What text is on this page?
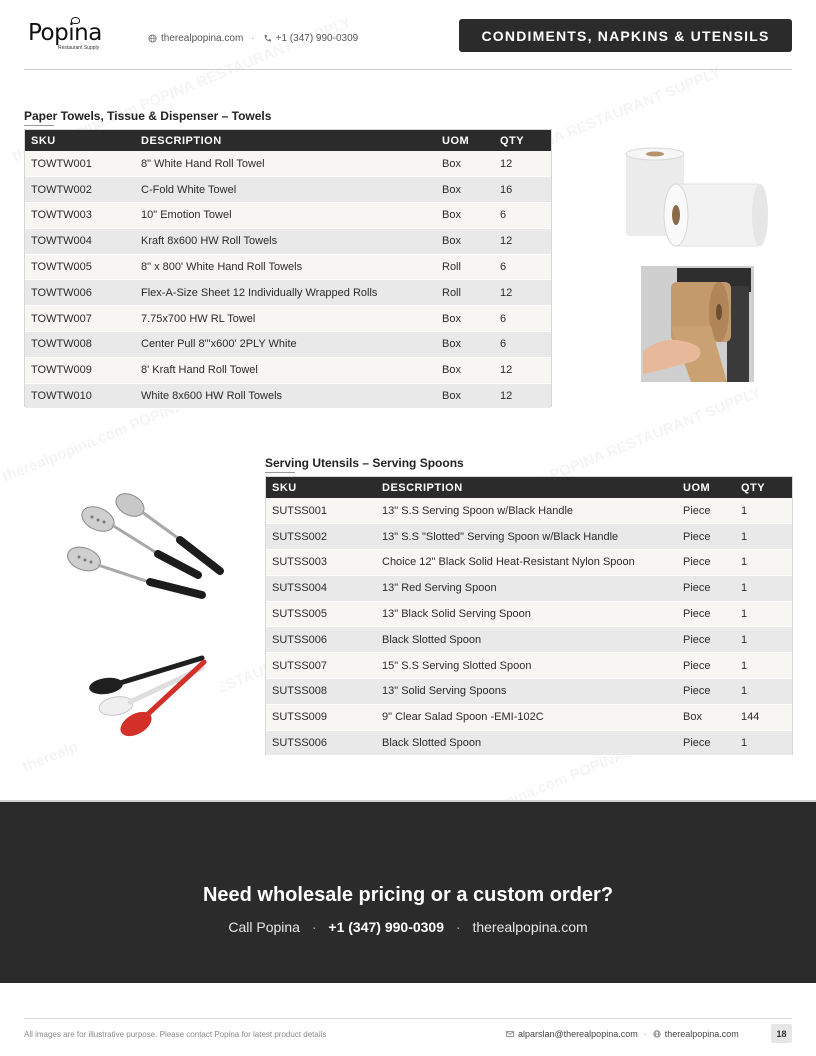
Popina
Restaurant Supply
therealpopina.com · +1 (347) 990-0309	CONDIMENTS, NAPKINS & UTENSILS
Paper Towels, Tissue & Dispenser – Towels
SKU	DESCRIPTION	UOM	QTY
TOWTW001	8" White Hand Roll Towel	Box	12
TOWTW002	C-Fold White Towel	Box	16
TOWTW003	10" Emotion Towel	Box	6
TOWTW004	Kraft 8x600 HW Roll Towels	Box	12
TOWTW005	8" x 800' White Hand Roll Towels	Roll	6
TOWTW006	Flex-A-Size Sheet 12 Individually Wrapped Rolls	Roll	12
TOWTW007	7.75x700 HW RL Towel	Box	6
TOWTW008	Center Pull 8"'x600' 2PLY White	Box	6
TOWTW009	8' Kraft Hand Roll Towel	Box	12
TOWTW010	White 8x600 HW Roll Towels	Box	12
Serving Utensils – Serving Spoons
SKU	DESCRIPTION	UOM	QTY
SUTSS001	13" S.S Serving Spoon w/Black Handle	Piece	1
SUTSS002	13" S.S "Slotted" Serving Spoon w/Black Handle	Piece	1
SUTSS003	Choice 12" Black Solid Heat-Resistant Nylon Spoon	Piece	1
SUTSS004	13" Red Serving Spoon	Piece	1
SUTSS005	13" Black Solid Serving Spoon	Piece	1
SUTSS006	Black Slotted Spoon	Piece	1
SUTSS007	15" S.S Serving Slotted Spoon	Piece	1
SUTSS008	13" Solid Serving Spoons	Piece	1
SUTSS009	9" Clear Salad Spoon -EMI-102C	Box	144
SUTSS006	Black Slotted Spoon	Piece	1
Need wholesale pricing or a custom order?
Call Popina · +1 (347) 990-0309 · therealpopina.com
All images are for illustrative purpose. Please contact Popina for latest product details	alparslan@therealpopina.com · therealpopina.com	18
